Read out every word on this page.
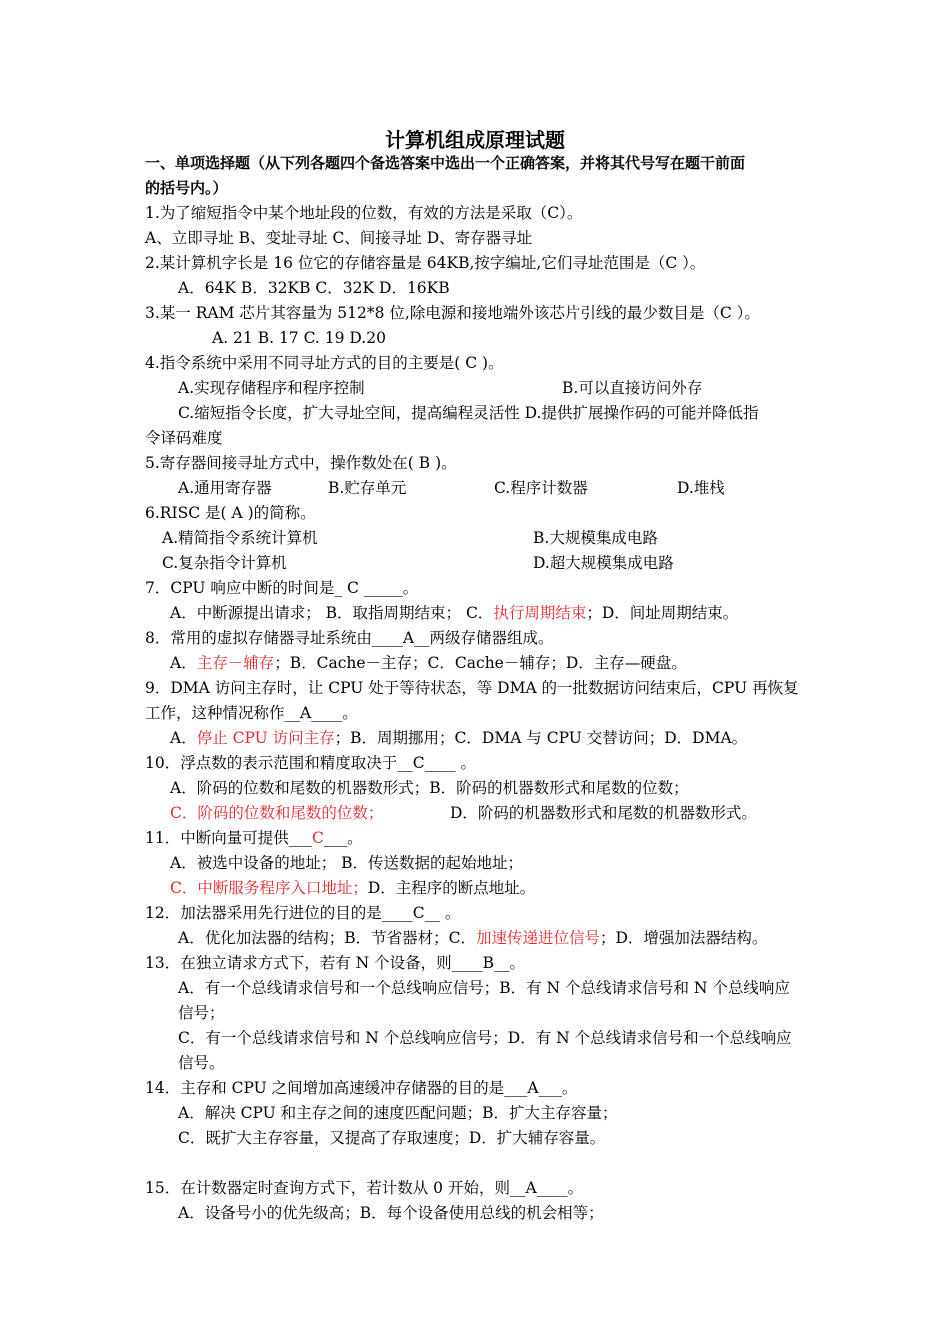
计算机组成原理试题
一、单项选择题（从下列各题四个备选答案中选出一个正确答案，并将其代号写在题干前面
的括号内。）
1.为了缩短指令中某个地址段的位数，有效的方法是采取（C）。
A、立即寻址 B、变址寻址 C、间接寻址 D、寄存器寻址
2.某计算机字长是 16 位它的存储容量是 64KB,按字编址,它们寻址范围是（C ）。
A．64K B．32KB C．32K D．16KB
3.某一 RAM 芯片其容量为 512*8 位,除电源和接地端外该芯片引线的最少数目是（C ）。
A. 21 B. 17 C. 19 D.20
4.指令系统中采用不同寻址方式的目的主要是( C )。
A.实现存储程序和程序控制	B.可以直接访问外存
C.缩短指令长度，扩大寻址空间，提高编程灵活性 D.提供扩展操作码的可能并降低指
令译码难度
5.寄存器间接寻址方式中，操作数处在( B )。
A.通用寄存器	B.贮存单元	C.程序计数器	D.堆栈
6.RISC 是( A )的简称。
A.精简指令系统计算机	B.大规模集成电路
C.复杂指令计算机	D.超大规模集成电路
7．CPU 响应中断的时间是_ C _____。
A．中断源提出请求； B．取指周期结束； C．执行周期结束；D．间址周期结束。
8．常用的虚拟存储器寻址系统由____A__两级存储器组成。
A．主存－辅存；B．Cache－主存；C．Cache－辅存；D．主存—硬盘。
9．DMA 访问主存时，让 CPU 处于等待状态，等 DMA 的一批数据访问结束后，CPU 再恢复
工作，这种情况称作__A____。
A．停止 CPU 访问主存；B．周期挪用；C．DMA 与 CPU 交替访问；D．DMA。
10．浮点数的表示范围和精度取决于__C____ 。
A．阶码的位数和尾数的机器数形式；B．阶码的机器数形式和尾数的位数；
C．阶码的位数和尾数的位数；	D．阶码的机器数形式和尾数的机器数形式。
11．中断向量可提供___C___。
A．被选中设备的地址； B．传送数据的起始地址；
C．中断服务程序入口地址；D．主程序的断点地址。
12．加法器采用先行进位的目的是____C__ 。
A．优化加法器的结构；B．节省器材；C．加速传递进位信号；D．增强加法器结构。
13．在独立请求方式下，若有 N 个设备，则____B__。
A．有一个总线请求信号和一个总线响应信号；B．有 N 个总线请求信号和 N 个总线响应
信号；
C．有一个总线请求信号和 N 个总线响应信号；D．有 N 个总线请求信号和一个总线响应
信号。
14．主存和 CPU 之间增加高速缓冲存储器的目的是___A___。
A．解决 CPU 和主存之间的速度匹配问题；B．扩大主存容量；
C．既扩大主存容量，又提高了存取速度；D．扩大辅存容量。
15．在计数器定时查询方式下，若计数从 0 开始，则__A____。
A．设备号小的优先级高；B．每个设备使用总线的机会相等；
